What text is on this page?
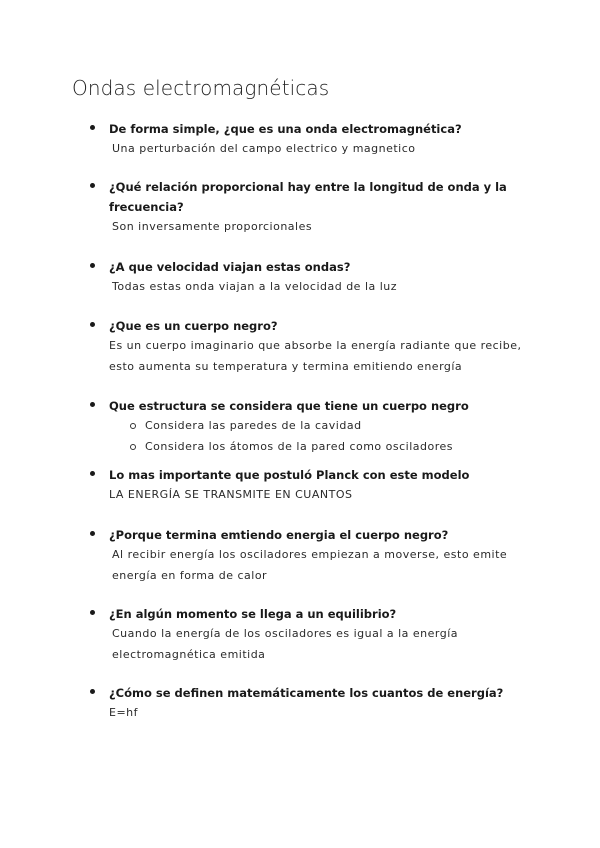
Ondas electromagnéticas

De forma simple, ¿que es una onda electromagnética?

Una perturbación del campo electrico y magnetico

¿Qué relación proporcional hay entre la longitud de onda y la frecuencia?

Son inversamente proporcionales

¿A que velocidad viajan estas ondas?

Todas estas onda viajan a la velocidad de la luz

¿Que es un cuerpo negro?

Es un cuerpo imaginario que absorbe la energía radiante que recibe, esto aumenta su temperatura y termina emitiendo energía

Que estructura se considera que tiene un cuerpo negro

Considera las paredes de la cavidad
Considera los átomos de la pared como osciladores

Lo mas importante que postuló Planck con este modelo

LA ENERGÍA SE TRANSMITE EN CUANTOS

¿Porque termina emtiendo energia el cuerpo negro?

Al recibir energía los osciladores empiezan a moverse, esto emite energía en forma de calor

¿En algún momento se llega a un equilibrio?

Cuando la energía de los osciladores es igual a la energía electromagnética emitida

¿Cómo se definen matemáticamente los cuantos de energía?

E=hf
